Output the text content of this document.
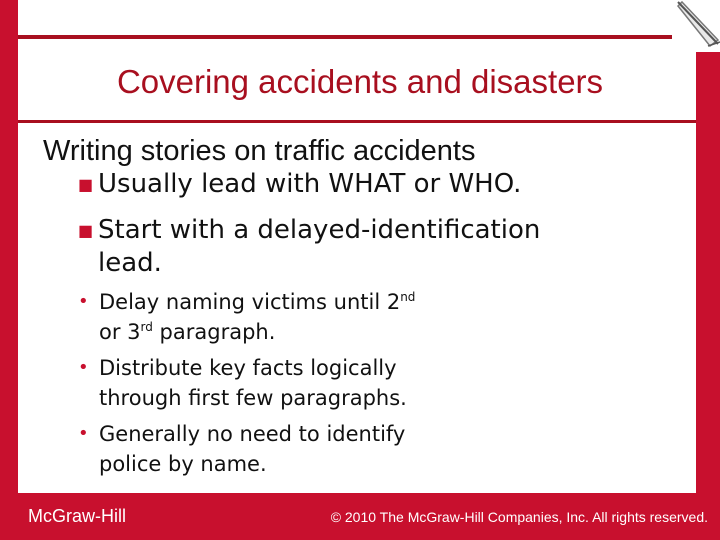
Covering accidents and disasters
Writing stories on traffic accidents
■ Usually lead with WHAT or WHO.
■ Start with a delayed-identification
lead.
• Delay naming victims until 2nd
or 3rd paragraph.
• Distribute key facts logically
through first few paragraphs.
• Generally no need to identify
police by name.
McGraw-Hill	© 2010 The McGraw-Hill Companies, Inc. All rights reserved.
